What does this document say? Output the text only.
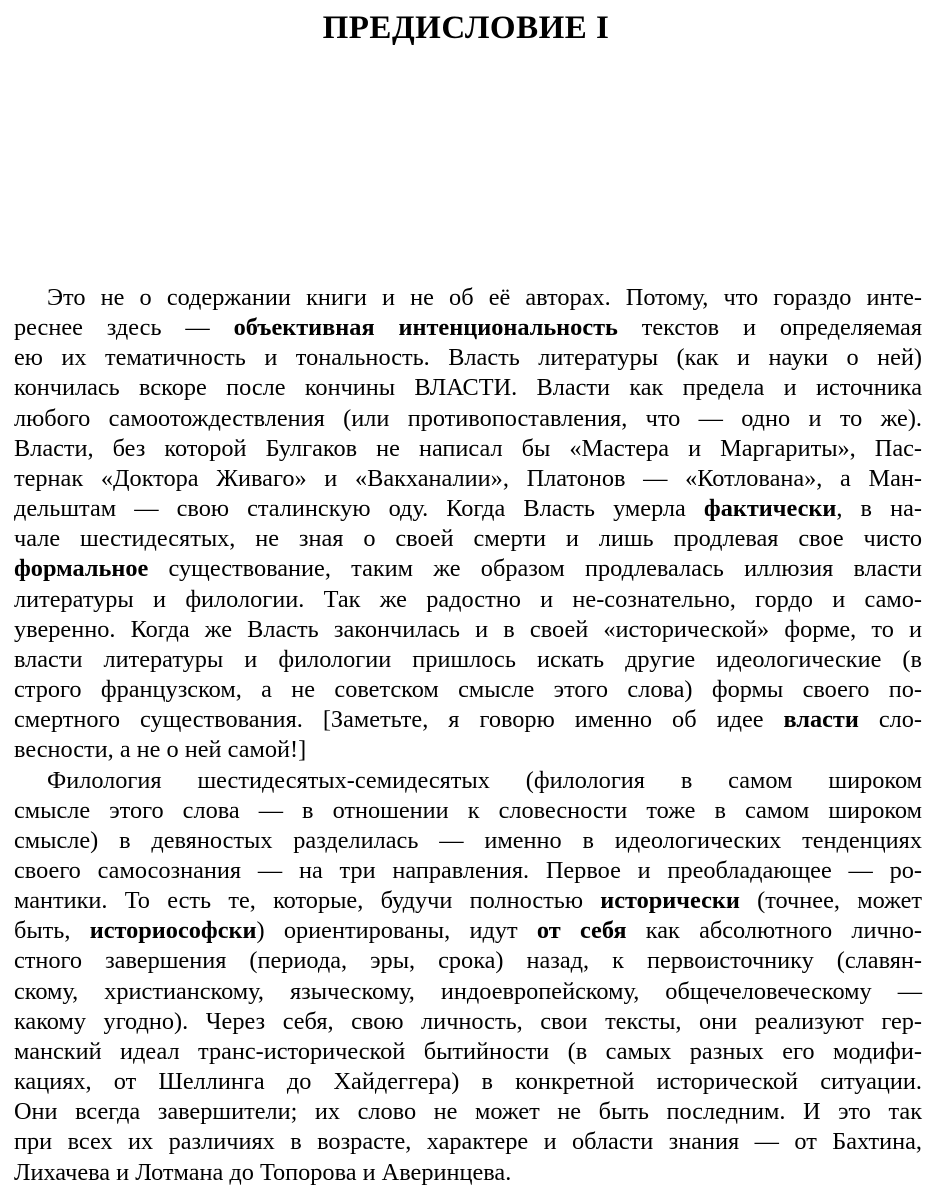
ПРЕДИСЛОВИЕ I
Это не о содержании книги и не об её авторах. Потому, что гораздо инте-
реснее здесь — объективная интенциональность текстов и определяемая
ею их тематичность и тональность. Власть литературы (как и науки о ней)
кончилась вскоре после кончины ВЛАСТИ. Власти как предела и источника
любого самоотождествления (или противопоставления, что — одно и то же).
Власти, без которой Булгаков не написал бы «Мастера и Маргариты», Пас-
тернак «Доктора Живаго» и «Вакханалии», Платонов — «Котлована», а Ман-
дельштам — свою сталинскую оду. Когда Власть умерла фактически, в на-
чале шестидесятых, не зная о своей смерти и лишь продлевая свое чисто
формальное существование, таким же образом продлевалась иллюзия власти
литературы и филологии. Так же радостно и не-сознательно, гордо и само-
уверенно. Когда же Власть закончилась и в своей «исторической» форме, то и
власти литературы и филологии пришлось искать другие идеологические (в
строго французском, а не советском смысле этого слова) формы своего по-
смертного существования. [Заметьте, я говорю именно об идее власти сло-
весности, а не о ней самой!]
Филология шестидесятых-семидесятых (филология в самом широком
смысле этого слова — в отношении к словесности тоже в самом широком
смысле) в девяностых разделилась — именно в идеологических тенденциях
своего самосознания — на три направления. Первое и преобладающее — ро-
мантики. То есть те, которые, будучи полностью исторически (точнее, может
быть, историософски) ориентированы, идут от себя как абсолютного лично-
стного завершения (периода, эры, срока) назад, к первоисточнику (славян-
скому, христианскому, языческому, индоевропейскому, общечеловеческому —
какому угодно). Через себя, свою личность, свои тексты, они реализуют гер-
манский идеал транс-исторической бытийности (в самых разных его модифи-
кациях, от Шеллинга до Хайдеггера) в конкретной исторической ситуации.
Они всегда завершители; их слово не может не быть последним. И это так
при всех их различиях в возрасте, характере и области знания — от Бахтина,
Лихачева и Лотмана до Топорова и Аверинцева.
